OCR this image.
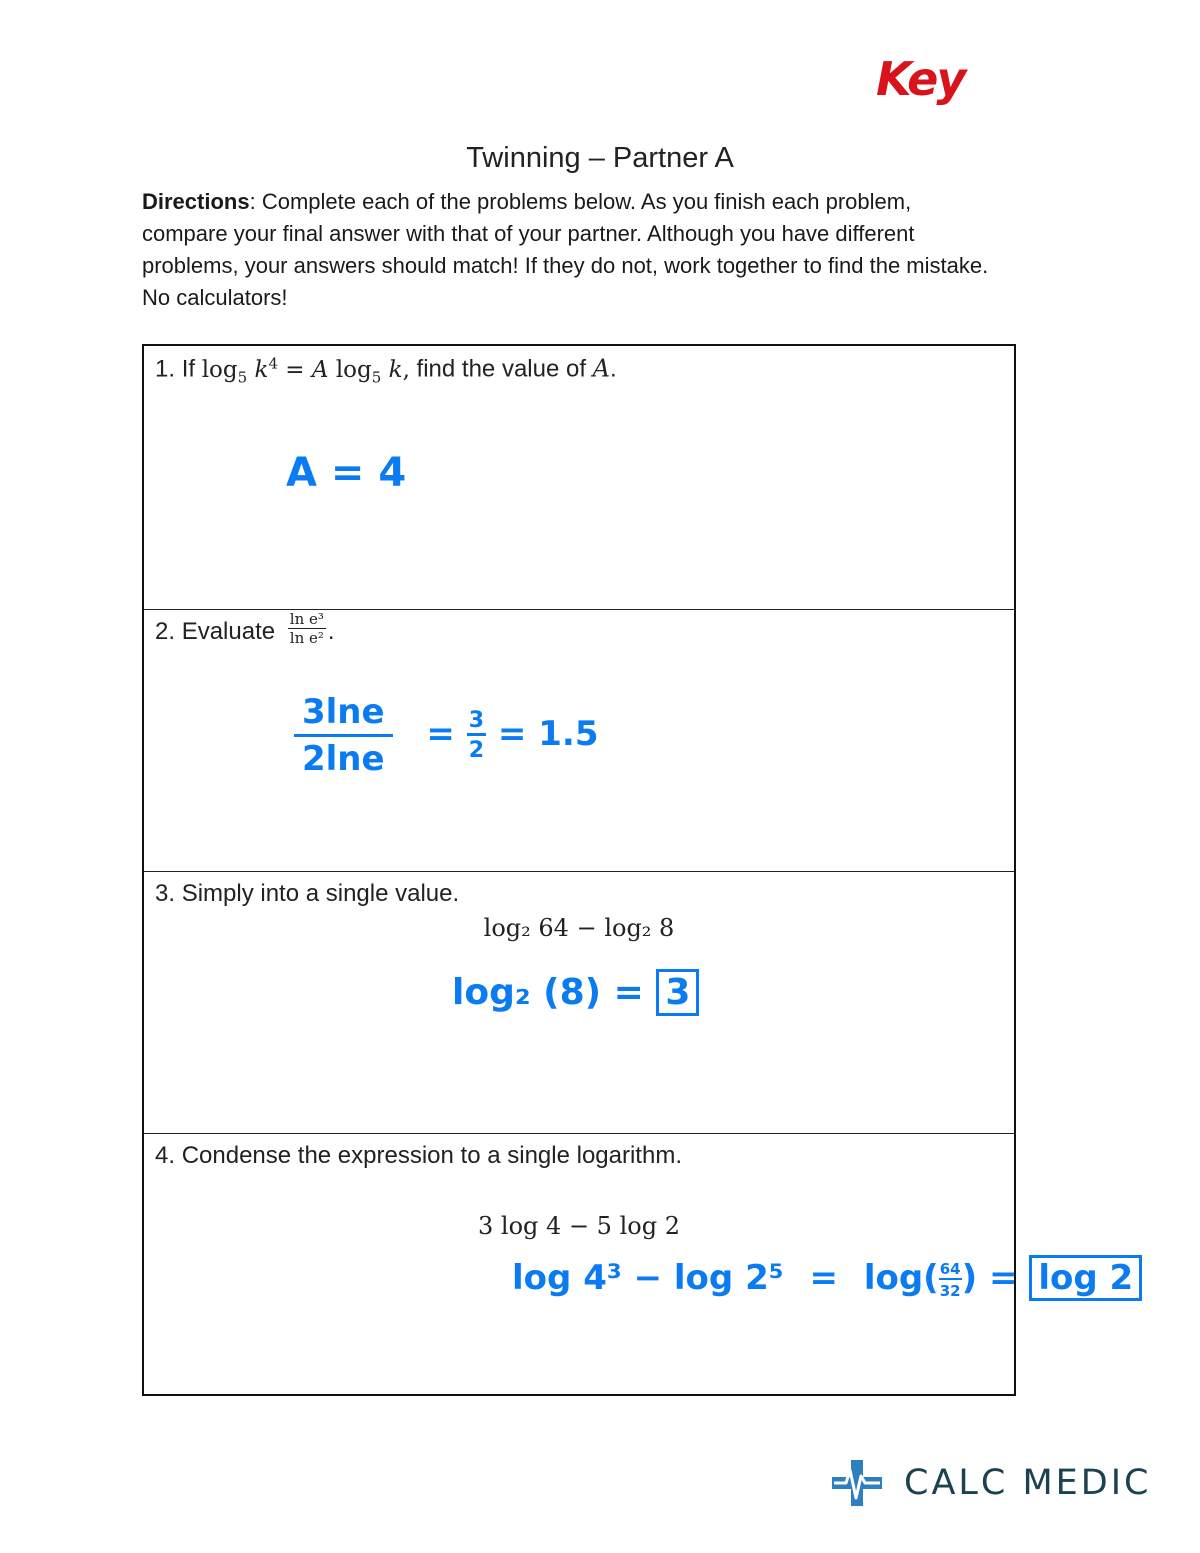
Key
Twinning – Partner A
Directions: Complete each of the problems below. As you finish each problem, compare your final answer with that of your partner. Although you have different problems, your answers should match! If they do not, work together to find the mistake. No calculators!
1. If $\log_5 k^4 = A$ $\log_5 k$, find the value of A.
A = 4
2. Evaluate $\frac{\text{ln e³}}{\text{ln e²}}$ .
$\frac{3\ln e}{2\ln e} = \frac{3}{2} = 1.5$
3. Simply into a single value.
log₂ 64 − log₂ 8
log₂ (8) = 3
4. Condense the expression to a single logarithm.
3 log 4 − 5 log 2
$\log 4^3 - \log 2^5 = \log( \frac{64}{32}$ ) = log 2
CALC MEDIC
